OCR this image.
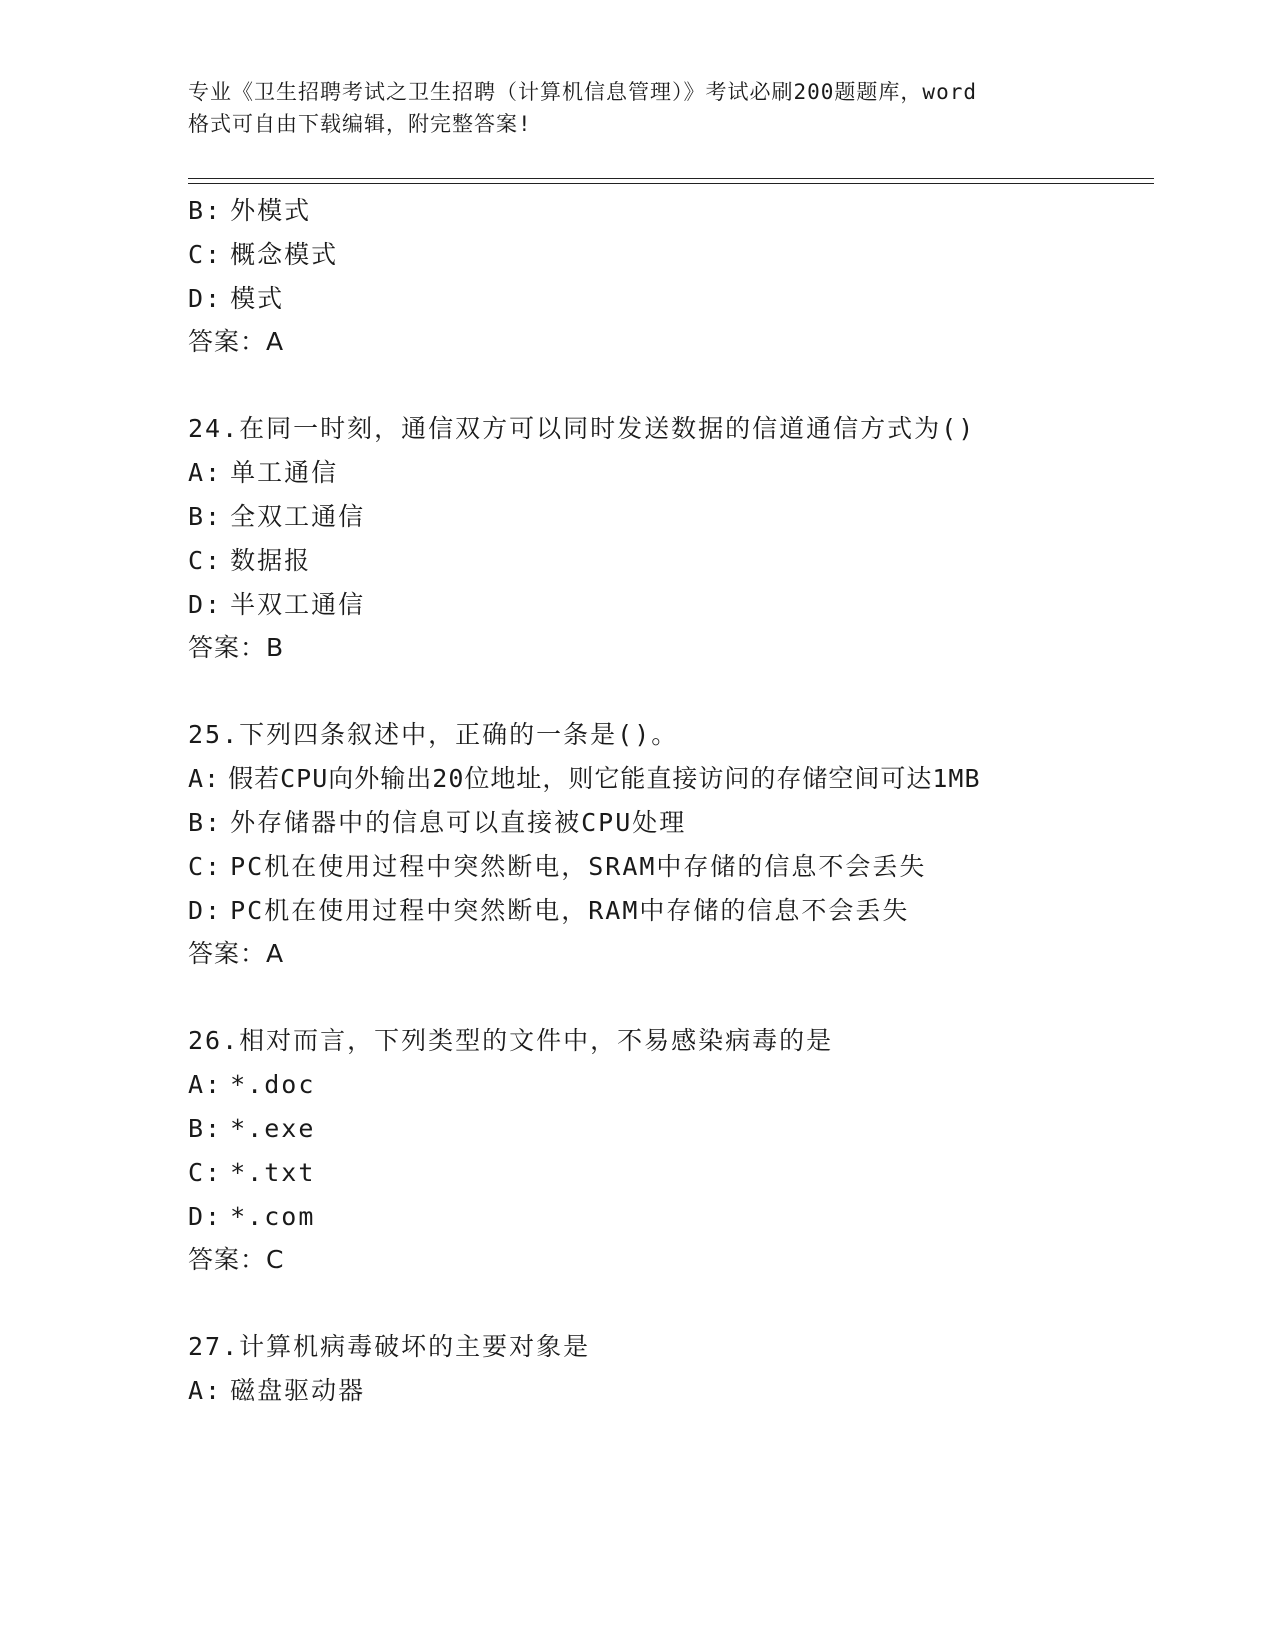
专业《卫生招聘考试之卫生招聘（计算机信息管理）》考试必刷200题题库，word
格式可自由下载编辑，附完整答案!
B: 外模式
C: 概念模式
D: 模式
答案：A
24.在同一时刻，通信双方可以同时发送数据的信道通信方式为()
A: 单工通信
B: 全双工通信
C: 数据报
D: 半双工通信
答案：B
25.下列四条叙述中，正确的一条是()。
A: 假若CPU向外输出20位地址，则它能直接访问的存储空间可达1MB
B: 外存储器中的信息可以直接被CPU处理
C: PC机在使用过程中突然断电，SRAM中存储的信息不会丢失
D: PC机在使用过程中突然断电，RAM中存储的信息不会丢失
答案：A
26.相对而言，下列类型的文件中，不易感染病毒的是
A: *.doc
B: *.exe
C: *.txt
D: *.com
答案：C
27.计算机病毒破坏的主要对象是
A: 磁盘驱动器
